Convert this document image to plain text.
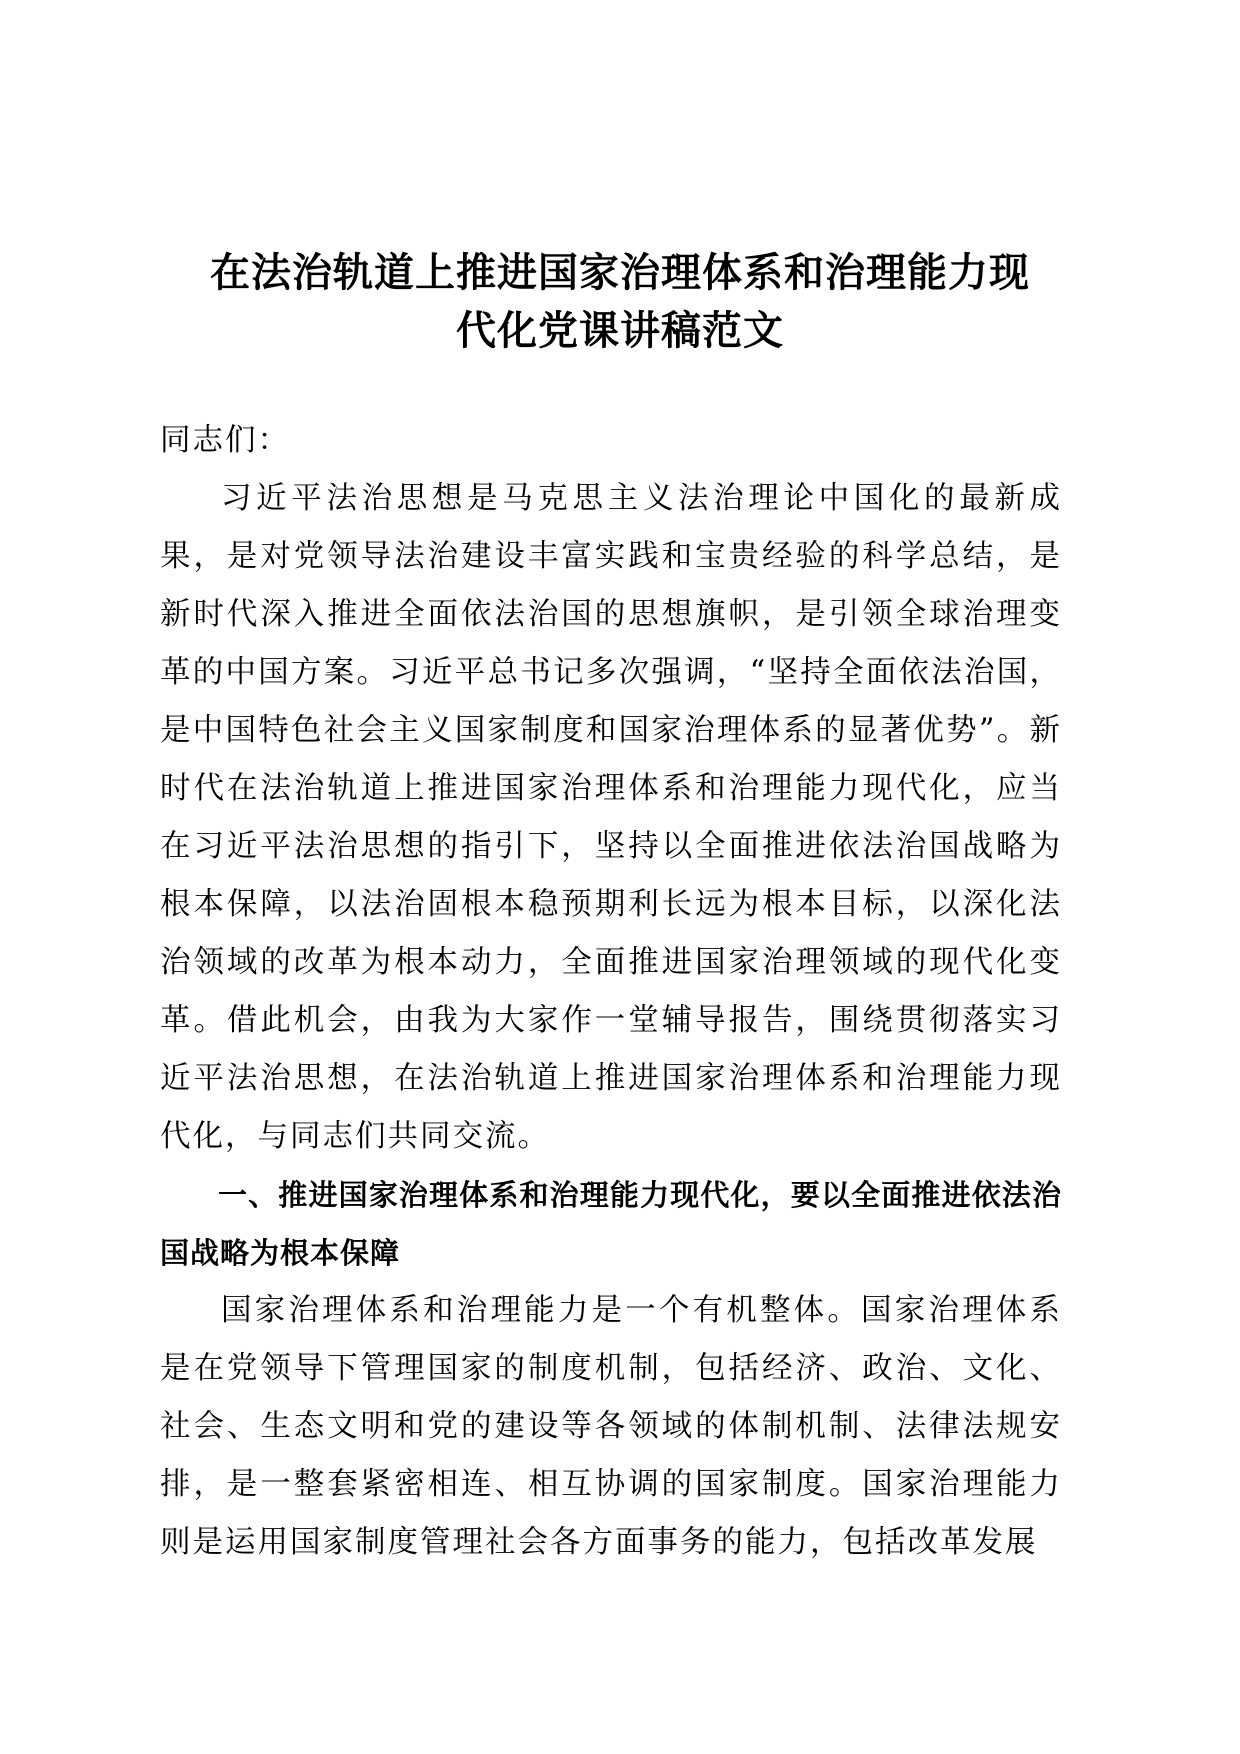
在法治轨道上推进国家治理体系和治理能力现
代化党课讲稿范文

同志们：

习近平法治思想是马克思主义法治理论中国化的最新成果，是对党领导法治建设丰富实践和宝贵经验的科学总结，是新时代深入推进全面依法治国的思想旗帜，是引领全球治理变革的中国方案。习近平总书记多次强调，“坚持全面依法治国，是中国特色社会主义国家制度和国家治理体系的显著优势”。新时代在法治轨道上推进国家治理体系和治理能力现代化，应当在习近平法治思想的指引下，坚持以全面推进依法治国战略为根本保障，以法治固根本稳预期利长远为根本目标，以深化法治领域的改革为根本动力，全面推进国家治理领域的现代化变革。借此机会，由我为大家作一堂辅导报告，围绕贯彻落实习近平法治思想，在法治轨道上推进国家治理体系和治理能力现代化，与同志们共同交流。

一、推进国家治理体系和治理能力现代化，要以全面推进依法治国战略为根本保障

国家治理体系和治理能力是一个有机整体。国家治理体系是在党领导下管理国家的制度机制，包括经济、政治、文化、社会、生态文明和党的建设等各领域的体制机制、法律法规安排，是一整套紧密相连、相互协调的国家制度。国家治理能力则是运用国家制度管理社会各方面事务的能力，包括改革发展
